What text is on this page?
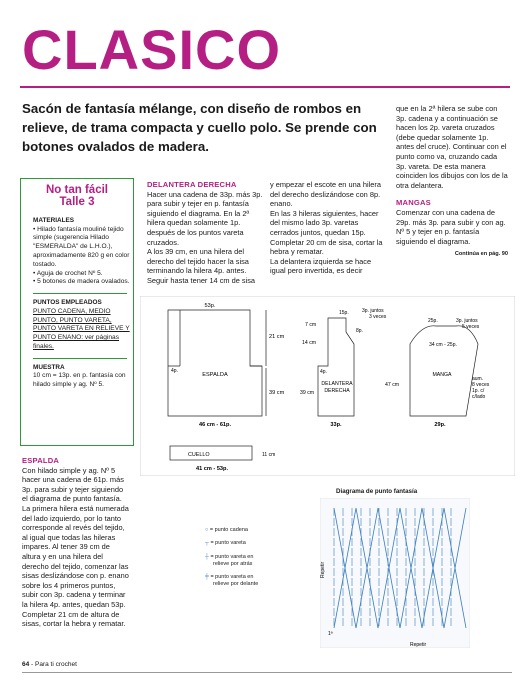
CLASICO
Sacón de fantasía mélange, con diseño de rombos en relieve, de trama compacta y cuello polo. Se prende con botones ovalados de madera.
que en la 2ª hilera se sube con 3p. cadena y a continuación se hacen los 2p. vareta cruzados (debe quedar solamente 1p. antes del cruce). Continuar con el punto como va, cruzando cada 3p. vareta. De esta manera coinciden los dibujos con los de la otra delantera.
MANGAS
Comenzar con una cadena de 29p. más 3p. para subir y con ag. Nº 5 y tejer en p. fantasía siguiendo el diagrama.
Continúa en pág. 90
No tan fácil
Talle 3
MATERIALES
• Hilado fantasía mouliné tejido simple (sugerencia Hilado "ESMERALDA" de L.H.O.), aproximadamente 820 g en color tostado.
• Aguja de crochet Nº 5.
• 5 botones de madera ovalados.
PUNTOS EMPLEADOS
PUNTO CADENA, MEDIO PUNTO, PUNTO VARETA, PUNTO VARETA EN RELIEVE Y PUNTO ENANO: ver páginas finales.
MUESTRA
10 cm = 13p. en p. fantasía con hilado simple y ag. Nº 5.
DELANTERA DERECHA
Hacer una cadena de 33p. más 3p. para subir y tejer en p. fantasía siguiendo el diagrama. En la 2ª hilera quedan solamente 1p. después de los puntos vareta cruzados.
A los 39 cm, en una hilera del derecho del tejido hacer la sisa terminando la hilera 4p. antes. Seguir hasta tener 14 cm de sisa
y empezar el escote en una hilera del derecho deslizándose con 8p. enano.
En las 3 hileras siguientes, hacer del mismo lado 3p. varetas cerrados juntos, quedan 15p. Completar 20 cm de sisa, cortar la hebra y rematar.
La delantera izquierda se hace igual pero invertida, es decir
ESPALDA
Con hilado simple y ag. Nº 5 hacer una cadena de 61p. más 3p. para subir y tejer siguiendo el diagrama de punto fantasía. La primera hilera está numerada del lado izquierdo, por lo tanto corresponde al revés del tejido, al igual que todas las hileras impares. Al tener 39 cm de altura y en una hilera del derecho del tejido, comenzar las sisas deslizándose con p. enano sobre los 4 primeros puntos, subir con 3p. cadena y terminar la hilera 4p. antes, quedan 53p. Completar 21 cm de altura de sisas, cortar la hebra y rematar.
53p.
ESPALDA
21 cm
39 cm
4p.
46 cm - 61p.
15p.	3p. juntos
3 veces
7 cm
8p.
14 cm
4p.
39 cm
DELANTERA
DERECHA
33p.
25p.	3p. juntos
5 veces
34 cm - 25p.
MANGA
47 cm
aum.
8 veces
1p. c/
c/lado
29p.
CUELLO	11 cm
41 cm - 53p.
Diagrama de punto fantasía
Repetir
1ª
Repetir
○ = punto cadena
┬ = punto vareta
┼ = punto vareta en
relieve por atrás
╪ = punto vareta en
relieve por delante
64 - Para ti crochet
